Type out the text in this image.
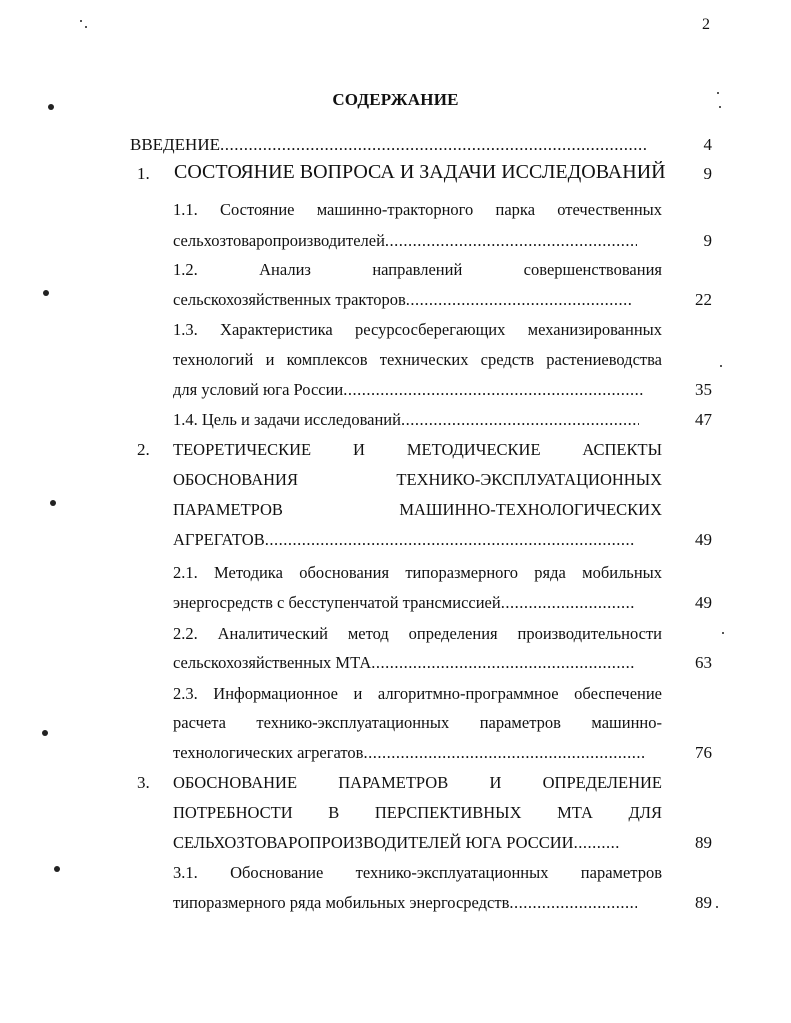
2
СОДЕРЖАНИЕ
ВВЕДЕНИЕ .....	4
1. СОСТОЯНИЕ ВОПРОСА И ЗАДАЧИ ИССЛЕДОВАНИЙ	9
1.1. Состояние машинно-тракторного парка отечественных
сельхозтоваропроизводителей .....	9
1.2. Анализ направлений совершенствования
сельскохозяйственных тракторов .....	22
1.3. Характеристика ресурсосберегающих механизированных
технологий и комплексов технических средств растениеводства
для условий юга России .....	35
1.4. Цель и задачи исследований .....	47
2. ТЕОРЕТИЧЕСКИЕ И МЕТОДИЧЕСКИЕ АСПЕКТЫ
ОБОСНОВАНИЯ ТЕХНИКО-ЭКСПЛУАТАЦИОННЫХ
ПАРАМЕТРОВ МАШИННО-ТЕХНОЛОГИЧЕСКИХ
АГРЕГАТОВ .....	49
2.1. Методика обоснования типоразмерного ряда мобильных
энергосредств с бесступенчатой трансмиссией .....	49
2.2. Аналитический метод определения производительности
сельскохозяйственных МТА .....	63
2.3. Информационное и алгоритмно-программное обеспечение
расчета технико-эксплуатационных параметров машинно-
технологических агрегатов .....	76
3. ОБОСНОВАНИЕ ПАРАМЕТРОВ И ОПРЕДЕЛЕНИЕ
ПОТРЕБНОСТИ В ПЕРСПЕКТИВНЫХ МТА ДЛЯ
СЕЛЬХОЗТОВАРОПРОИЗВОДИТЕЛЕЙ ЮГА РОССИИ .....	89
3.1. Обоснование технико-эксплуатационных параметров
типоразмерного ряда мобильных энергосредств .....	89
